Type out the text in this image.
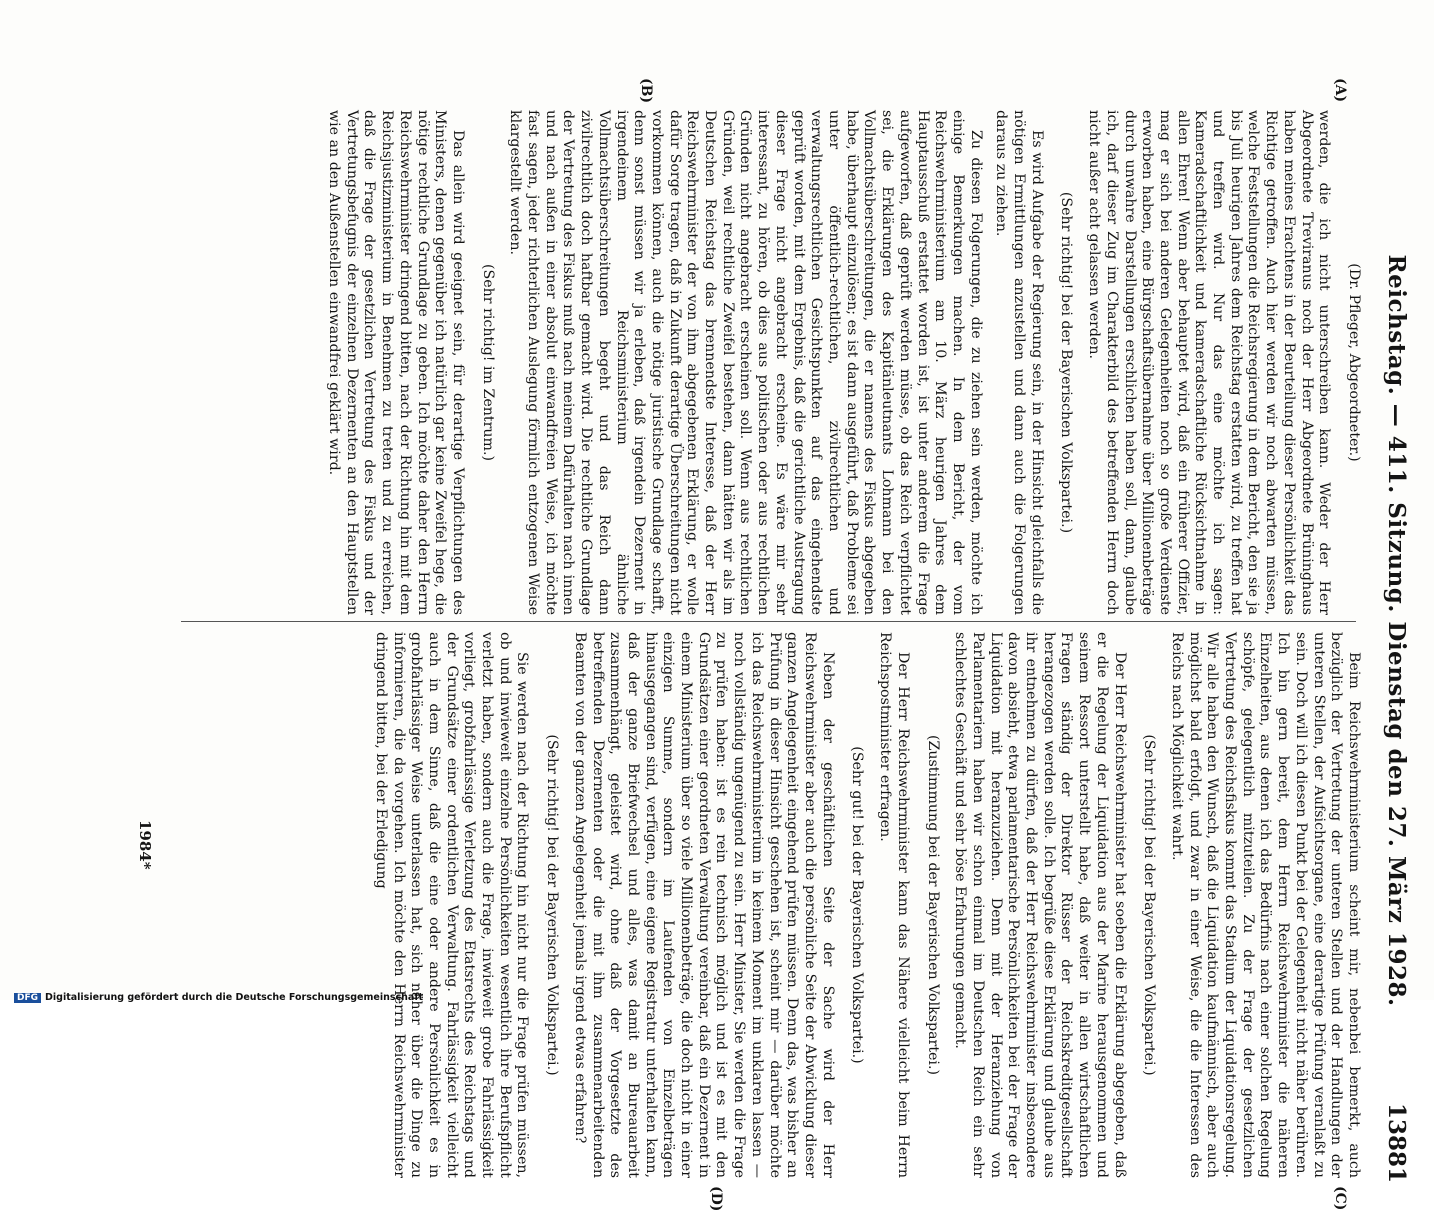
Reichstag. — 411. Sitzung. Dienstag den 27. März 1928.
13881
(A)
(B)
(C)
(D)
(Dr. Pfleger, Abgeordneter.)

werden, die ich nicht unterschreiben kann. Weder der Herr Abgeordnete Treviranus noch der Herr Abgeordnete Brüninghaus haben meines Erachtens in der Beurteilung dieser Persönlichkeit das Richtige getroffen. Auch hier werden wir noch abwarten müssen, welche Feststellungen die Reichsregierung in dem Bericht, den sie ja bis Juli heurigen Jahres dem Reichstag erstatten wird, zu treffen hat und treffen wird. Nur das eine möchte ich sagen: Kameradschaftlichkeit und kameradschaftliche Rücksichtnahme in allen Ehren! Wenn aber behauptet wird, daß ein früherer Offizier, mag er sich bei anderen Gelegenheiten noch so große Verdienste erworben haben, eine Bürgschaftsübernahme über Millionenbeträge durch unwahre Darstellungen erschlichen haben soll, dann, glaube ich, darf dieser Zug im Charakterbild des betreffenden Herrn doch nicht außer acht gelassen werden.

(Sehr richtig! bei der Bayerischen Volkspartei.)

Es wird Aufgabe der Regierung sein, in der Hinsicht gleichfalls die nötigen Ermittlungen anzustellen und dann auch die Folgerungen daraus zu ziehen.

Zu diesen Folgerungen, die zu ziehen sein werden, möchte ich einige Bemerkungen machen. In dem Bericht, der vom Reichswehrministerium am 10. März heurigen Jahres dem Hauptausschuß erstattet worden ist, ist unter anderem die Frage aufgeworfen, daß geprüft werden müsse, ob das Reich verpflichtet sei, die Erklärungen des Kapitänleutnants Lohmann bei den Vollmachtsüberschreitungen, die er namens des Fiskus abgegeben habe, überhaupt einzulösen; es ist dann ausgeführt, daß Probleme sei unter öffentlich-rechtlichen, zivilrechtlichen und verwaltungsrechtlichen Gesichtspunkten auf das eingehendste geprüft worden, mit dem Ergebnis, daß die gerichtliche Austragung dieser Frage nicht angebracht erscheine. Es wäre mir sehr interessant, zu hören, ob dies aus politischen oder aus rechtlichen Gründen nicht angebracht erscheinen soll. Wenn aus rechtlichen Gründen, weil rechtliche Zweifel bestehen, dann hätten wir als im Deutschen Reichstag das brennendste Interesse, daß der Herr Reichswehrminister der von ihm abgegebenen Erklärung, er wolle dafür Sorge tragen, daß in Zukunft derartige Überschreitungen nicht vorkommen können, auch die nötige juristische Grundlage schafft, denn sonst müssen wir ja erleben, daß irgendein Dezernent in irgendeinem Reichsministerium ähnliche Vollmachtsüberschreitungen begeht und das Reich dann zivilrechtlich doch haftbar gemacht wird. Die rechtliche Grundlage der Vertretung des Fiskus muß nach meinem Dafürhalten nach innen und nach außen in einer absolut einwandfreien Weise, ich möchte fast sagen, jeder richterlichen Auslegung förmlich entzogenen Weise klargestellt werden.

(Sehr richtig! im Zentrum.)

Das allein wird geeignet sein, für derartige Verpflichtungen des Ministers, denen gegenüber ich natürlich gar keine Zweifel hege, die nötige rechtliche Grundlage zu geben. Ich möchte daher den Herrn Reichswehrminister dringend bitten, nach der Richtung hin mit dem Reichsjustizministerium in Benehmen zu treten und zu erreichen, daß die Frage der gesetzlichen Vertretung des Fiskus und der Vertretungsbefugnis der einzelnen Dezernenten an den Hauptstellen wie an den Außenstellen einwandfrei geklärt wird.

Beim Reichswehrministerium scheint mir, nebenbei bemerkt, auch bezüglich der Vertretung der unteren Stellen und der Handlungen der unteren Stellen, der Aufsichtsorgane, eine derartige Prüfung veranlaßt zu sein. Doch will ich diesen Punkt bei der Gelegenheit nicht näher berühren. Ich bin gern bereit, dem Herrn Reichswehrminister die näheren Einzelheiten, aus denen ich das Bedürfnis nach einer solchen Regelung schöpfe, gelegentlich mitzuteilen. Zu der Frage der gesetzlichen Vertretung des Reichsfiskus kommt das Stadium der Liquidationsregelung. Wir alle haben den Wunsch, daß die Liquidation kaufmännisch, aber auch möglichst bald erfolgt, und zwar in einer Weise, die die Interessen des Reichs nach Möglichkeit wahrt.

(Sehr richtig! bei der Bayerischen Volkspartei.)

Der Herr Reichswehrminister hat soeben die Erklärung abgegeben, daß er die Regelung der Liquidation aus der Marine herausgenommen und seinem Ressort unterstellt habe, daß weiter in allen wirtschaftlichen Fragen ständig der Direktor Rüsser der Reichskreditgesellschaft herangezogen werden solle. Ich begrüße diese Erklärung und glaube aus ihr entnehmen zu dürfen, daß der Herr Reichswehrminister insbesondere davon absieht, etwa parlamentarische Persönlichkeiten bei der Frage der Liquidation mit heranzuziehen. Denn mit der Heranziehung von Parlamentariern haben wir schon einmal im Deutschen Reich ein sehr schlechtes Geschäft und sehr böse Erfahrungen gemacht.

(Zustimmung bei der Bayerischen Volkspartei.)

Der Herr Reichswehrminister kann das Nähere vielleicht beim Herrn Reichspostminister erfragen.

(Sehr gut! bei der Bayerischen Volkspartei.)

Neben der geschäftlichen Seite der Sache wird der Herr Reichswehrminister aber auch die persönliche Seite der Abwicklung dieser ganzen Angelegenheit eingehend prüfen müssen. Denn das, was bisher an Prüfung in dieser Hinsicht geschehen ist, scheint mir — darüber möchte ich das Reichswehrministerium in keinem Moment im unklaren lassen — noch vollständig ungenügend zu sein. Herr Minister, Sie werden die Frage zu prüfen haben: ist es rein technisch möglich und ist es mit den Grundsätzen einer geordneten Verwaltung vereinbar, daß ein Dezernent in einem Ministerium über so viele Millionenbeträge, die doch nicht in einer einzigen Summe, sondern im Laufenden von Einzelbeträgen hinausgegangen sind, verfügen, eine eigene Registratur unterhalten kann, daß der ganze Briefwechsel und alles, was damit an Bureauarbeit zusammenhängt, geleistet wird, ohne daß der Vorgesetzte des betreffenden Dezernenten oder die mit ihm zusammenarbeitenden Beamten von der ganzen Angelegenheit jemals irgend etwas erfahren?

(Sehr richtig! bei der Bayerischen Volkspartei.)

Sie werden nach der Richtung hin nicht nur die Frage prüfen müssen, ob und inwieweit einzelne Persönlichkeiten wesentlich ihre Berufspflicht verletzt haben, sondern auch die Frage, inwieweit grobe Fahrlässigkeit vorliegt, grobfahrlässige Verletzung des Etatsrechts des Reichstags und der Grundsätze einer ordentlichen Verwaltung. Fahrlässigkeit vielleicht auch in dem Sinne, daß die eine oder andere Persönlichkeit es in grobfahrlässiger Weise unterlassen hat, sich näher über die Dinge zu informieren, die da vorgehen. Ich möchte den Herrn Reichswehrminister dringend bitten, bei der Erledigung

1984*
DFG Digitalisierung gefördert durch die Deutsche Forschungsgemeinschaft
